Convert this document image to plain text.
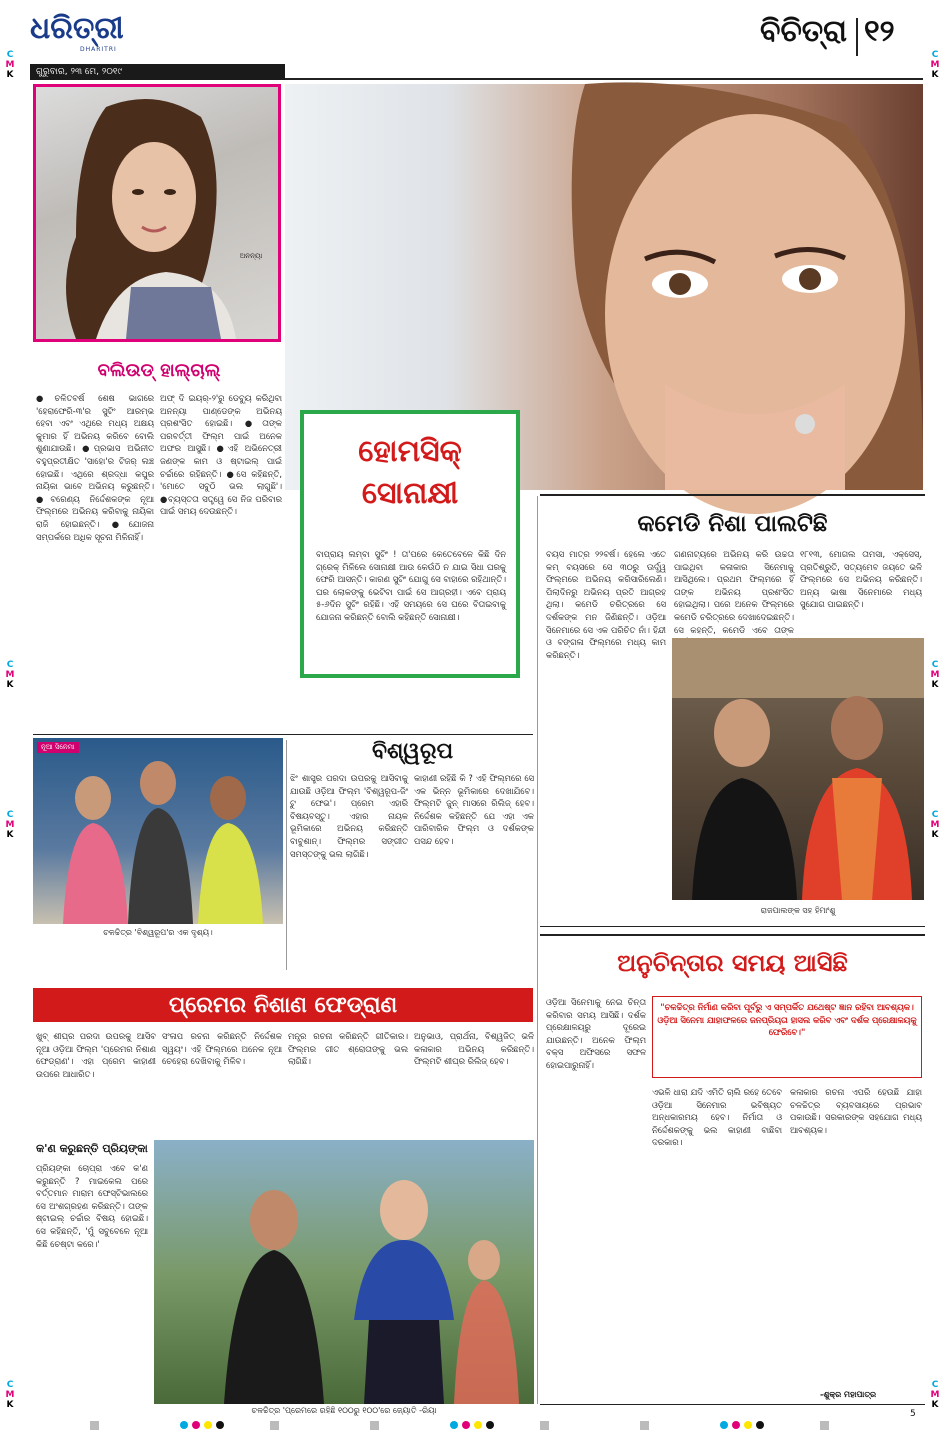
C
M
K
C
M
K
C
M
K
C
M
K
C
M
K
C
M
K
C
M
K
C
M
K
ଧରିତ୍ରୀ
DHARITRI
ଗୁରୁବାର, ୨୩ ମେ, ୨୦୧୯
ବିଚିତ୍ରା ୧୨
ଅନନ୍ୟା
ବଲିଉଡ୍‌ ହାଲ୍‌ଚାଲ୍‌
●ଚଳିତବର୍ଷ ଶେଷ ଭାଗରେ 'ହେରାଫେରି-୩'ର ସୁଟିଂ ଆରମ୍ଭ ହେବା ଏବଂ ଏଥିରେ ମଧ୍ୟ ଅକ୍ଷୟ କୁମାର ହିଁ ଅଭିନୟ କରିବେ ବୋଲି ଶୁଣାଯାଉଛି। ●ପ୍ରଭାସ ଅଭିନୀତ ବହୁପ୍ରତୀକ୍ଷିତ 'ସାହୋ'ର ଟିଜର୍‌ ଲଞ୍ଚ ହୋଇଛି। ଏଥିରେ ଶ୍ରଦ୍ଧା କପୁର ନାୟିକା ଭାବେ ଅଭିନୟ କରୁଛନ୍ତି। ●ବରେଣ୍ୟ ନିର୍ଦ୍ଦେଶକଙ୍କ ନୂଆ ଫିଲ୍ମରେ ଅଭିନୟ କରିବାକୁ ନାୟିକା ରାଜି ହୋଇଛନ୍ତି। ●ଯୋଜନା ସମ୍ପର୍କରେ ଅଧିକ ସୂଚନା ମିଳିନାହିଁ।
ଅଫ୍‌ ଦି ଇୟର୍‌-୨'ରୁ ଡେବ୍ୟୁ କରିଥିବା ଅନନ୍ୟା ପାଣ୍ଡେଙ୍କ ଅଭିନୟ ପ୍ରଶଂସିତ ହୋଇଛି। ●ତାଙ୍କ ପରବର୍ତ୍ତୀ ଫିଲ୍ମ ପାଇଁ ଅନେକ ଅଫର ଆସୁଛି। ●ଏହି ଅଭିନେତ୍ରୀ ଜଣଙ୍କ କାମ ଓ ଷ୍ଟାଇଲ୍‌ ପାଇଁ ଚର୍ଚ୍ଚାରେ ରହିଛନ୍ତି। ●ସେ କହିଛନ୍ତି, 'ମୋତେ ସବୁଠି ଭଲ ଲାଗୁଛି'। ●ବ୍ୟସ୍ତତା ସତ୍ତ୍ୱେ ସେ ନିଜ ପରିବାର ପାଇଁ ସମୟ ଦେଉଛନ୍ତି।
ହୋମସିକ୍‌
ସୋନାକ୍ଷୀ
ବାପ୍ରାୟ ଲମ୍ବା ସୁଟିଂ ! ତା'ପରେ କେତେବେଳେ କିଛି ଦିନ ଗ୍ରେକ୍‌ ମିଳିଲେ ସୋନାକ୍ଷୀ ଆଉ କେଉଁଠି ନ ଯାଇ ସିଧା ଘରକୁ ଫେରି ଆସନ୍ତି। କାରଣ ସୁଟିଂ ଯୋଗୁ ସେ ବାହାରେ ରହିଥାନ୍ତି। ଘର ଲୋକଙ୍କୁ ଭେଟିବା ପାଇଁ ସେ ଆଗ୍ରହୀ। ଏବେ ପ୍ରାୟ ୫-୬ଦିନ ସୁଟିଂ ରହିଛି। ଏହି ସମୟରେ ସେ ଘରେ ବିତାଇବାକୁ ଯୋଜନା କରିଛନ୍ତି ବୋଲି କହିଛନ୍ତି ସୋନାକ୍ଷୀ।
କମେଡି ନିଶା ପାଲଟିଛି
ବୟସ ମାତ୍ର ୨୨ବର୍ଷ। ହେଲେ ଏତେ କମ୍‌ ବୟସରେ ସେ ୩୦ରୁ ଊର୍ଦ୍ଧ୍ୱ ଫିଲ୍ମରେ ଅଭିନୟ କରିସାରିଲେଣି। ପିଲାଦିନରୁ ଅଭିନୟ ପ୍ରତି ଆଗ୍ରହ ଥିଲା। କମେଡି ଚରିତ୍ରରେ ସେ ଦର୍ଶକଙ୍କ ମନ ଜିଣିଛନ୍ତି। ଓଡ଼ିଆ ସିନେମାରେ ସେ ଏକ ପରିଚିତ ନାଁ। ହିନ୍ଦୀ ଓ ବଙ୍ଗଳା ଫିଲ୍ମରେ ମଧ୍ୟ କାମ କରିଛନ୍ତି।
ଗଣନାଟ୍ୟରେ ଅଭିନୟ କରି ଉଚ୍ଚତା ପାଇଥିବା କଳାକାର ସିନେମାକୁ ଆସିଥିଲେ। ପ୍ରଥମ ଫିଲ୍ମରେ ହିଁ ତାଙ୍କ ଅଭିନୟ ପ୍ରଶଂସିତ ହୋଇଥିଲା। ପରେ ଅନେକ ଫିଲ୍ମରେ କମେଡି ଚରିତ୍ରରେ ଦେଖାଦେଇଛନ୍ତି। ସେ କହନ୍ତି, କମେଡି ଏବେ ତାଙ୍କ
୧୮୧୩, ମୋଗଲ ତାମସା, ଏକ୍ସେସ୍‌, ପ୍ରତିଶ୍ରୁତି, ସତ୍ୟମେବ ଜୟତେ ଭଳି ଫିଲ୍ମରେ ସେ ଅଭିନୟ କରିଛନ୍ତି। ଅନ୍ୟ ଭାଷା ସିନେମାରେ ମଧ୍ୟ ସୁଯୋଗ ପାଇଛନ୍ତି।
ରାଜପାଲଙ୍କ ସହ ହିମାଂଶୁ
ନୂଆ ସିନେମା
ଚଳଚ୍ଚିତ୍ର 'ବିଶ୍ୱରୂପ'ର ଏକ ଦୃଶ୍ୟ।
ବିଶ୍ୱରୂପ
ଝିଂ ଶାସ୍ତ୍ର ପରଦା ଉପରକୁ ଆସିବାକୁ ଯାଉଛି ଓଡ଼ିଆ ଫିଲ୍ମ 'ବିଶ୍ୱରୂପ-ଜିଂ ଟୁ ଫେଭ'। ପ୍ରେମ ଏହାରି ବିଷୟବସ୍ତୁ। ଏହାର ନାୟକ ଭୂମିକାରେ ଅଭିନୟ କରିଛନ୍ତି ବାବୁଶାନ୍‌। ଫିଲ୍ମର ସଙ୍ଗୀତ ସମସ୍ତଙ୍କୁ ଭଲ ଲାଗିଛି।
କାହାଣୀ ରହିଛି କି ? ଏହି ଫିଲ୍ମରେ ସେ ଏକ ଭିନ୍ନ ଭୂମିକାରେ ଦେଖାଯିବେ। ଫିଲ୍ମଟି ଜୁନ୍‌ ମାସରେ ରିଲିଜ୍‌ ହେବ। ନିର୍ଦ୍ଦେଶକ କହିଛନ୍ତି ଯେ ଏହା ଏକ ପାରିବାରିକ ଫିଲ୍ମ ଓ ଦର୍ଶକଙ୍କ ପସନ୍ଦ ହେବ।
ପ୍ରେମର ନିଶାଣ ଫେଡ୍ରାଣ
ଖୁବ୍‌ ଶୀଘ୍ର ପରଦା ଉପରକୁ ଆସିବ ନୂଆ ଓଡ଼ିଆ ଫିଲ୍ମ 'ପ୍ରେମର ନିଶାଣ ଫେଡ୍ରାଣ'। ଏହା ପ୍ରେମ କାହାଣୀ ଉପରେ ଆଧାରିତ।
ସଂଳାପ ରଚନା କରିଛନ୍ତି ନିର୍ଦ୍ଦେଶକ ସ୍ୱୟଂ। ଏହି ଫିଲ୍ମରେ ଅନେକ ନୂଆ ଚେହେରା ଦେଖିବାକୁ ମିଳିବ।
ମନ୍ତ୍ର ରଚନା କରିଛନ୍ତି ଗୀତିକାର। ଫିଲ୍ମର ଗୀତ ଶ୍ରୋତାଙ୍କୁ ଭଲ ଲାଗିଛି।
ଅନୁଭାଓ, ପ୍ରାର୍ଥନା, ବିଶ୍ୱଜିତ୍‌ ଭଳି କଳାକାର ଅଭିନୟ କରିଛନ୍ତି। ଫିଲ୍ମଟି ଶୀଘ୍ର ରିଲିଜ୍‌ ହେବ।
କ'ଣ କରୁଛନ୍ତି ପ୍ରିୟଙ୍କା
ପ୍ରିୟଙ୍କା ଚୋପ୍ରା ଏବେ କ'ଣ କରୁଛନ୍ତି ? ମାଇକେଲ ପରେ ବର୍ତ୍ତମାନ ମାରାମ ଫେସ୍ଟିଭାଲରେ ସେ ଅଂଶଗ୍ରହଣ କରିଛନ୍ତି। ତାଙ୍କ ଷ୍ଟାଇଲ୍‌ ଚର୍ଚ୍ଚାର ବିଷୟ ହୋଇଛି। ସେ କହିଛନ୍ତି, 'ମୁଁ ସବୁବେଳେ ନୂଆ କିଛି ଚେଷ୍ଟା କରେ।'
ଚଳଚ୍ଚିତ୍ର 'ପ୍ରେମରେ ରହିଛି ୧୦୦ରୁ ୧୦୦'ରେ ଜ୍ୟୋତି -ରିୟା
ଅନୁଚିନ୍ତାର ସମୟ ଆସିଛି
"ଚଳଚ୍ଚିତ୍ର ନିର୍ମାଣ କରିବା ପୂର୍ବରୁ ଏ ସମ୍ପର୍କିତ ଯଥେଷ୍ଟ ଜ୍ଞାନ ରହିବା ଆବଶ୍ୟକ। ଓଡ଼ିଆ ସିନେମା ଯାହାଫଳରେ ଜନପ୍ରିୟତା ହାସଲ କରିବ ଏବଂ ଦର୍ଶକ ପ୍ରେକ୍ଷାଳୟକୁ ଫେରିବେ।"
ଓଡ଼ିଆ ସିନେମାକୁ ନେଇ ଚିନ୍ତା କରିବାର ସମୟ ଆସିଛି। ଦର୍ଶକ ପ୍ରେକ୍ଷାଳୟରୁ ଦୂରେଇ ଯାଉଛନ୍ତି। ଅନେକ ଫିଲ୍ମ ବକ୍ସ ଅଫିସରେ ସଫଳ ହୋଇପାରୁନାହିଁ।
ଏଭଳି ଧାରା ଯଦି ଏମିତି ଚାଲି ରହେ ତେବେ ଓଡ଼ିଆ ସିନେମାର ଭବିଷ୍ୟତ ଅନ୍ଧକାରମୟ ହେବ। ନିର୍ମାତା ଓ ନିର୍ଦ୍ଦେଶକଙ୍କୁ ଭଲ କାହାଣୀ ବାଛିବା ଦରକାର।
କଳାକାର ରଚନା ଏପରି ହେଉଛି ଯାହା ଚଳଚ୍ଚିତ୍ର ବ୍ୟବସାୟରେ ପ୍ରଭାବ ପକାଉଛି। ସରକାରଙ୍କ ସହଯୋଗ ମଧ୍ୟ ଆବଶ୍ୟକ।
-ଶୁକ୍ର ମହାପାତ୍ର
5
